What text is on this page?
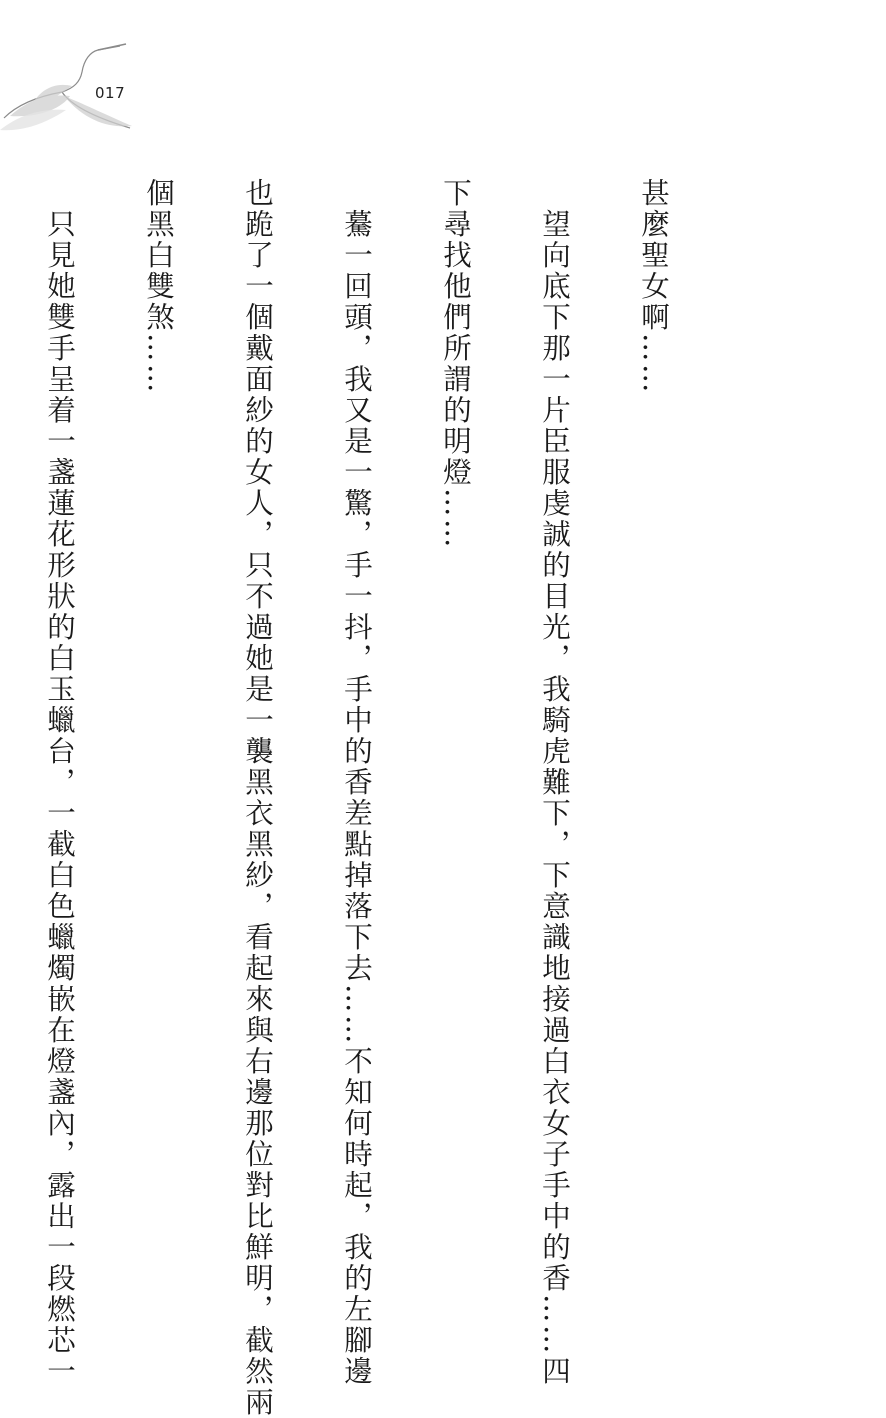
017

甚麼聖女啊……

　望向底下那一片臣服虔誠的目光，我騎虎難下，下意識地接過白衣女子手中的香……四

下尋找他們所謂的明燈……

　驀一回頭，我又是一驚，手一抖，手中的香差點掉落下去……不知何時起，我的左腳邊

也跪了一個戴面紗的女人，只不過她是一襲黑衣黑紗，看起來與右邊那位對比鮮明，截然兩

個黑白雙煞……

　只見她雙手呈着一盞蓮花形狀的白玉蠟台，一截白色蠟燭嵌在燈盞內，露出一段燃芯一
